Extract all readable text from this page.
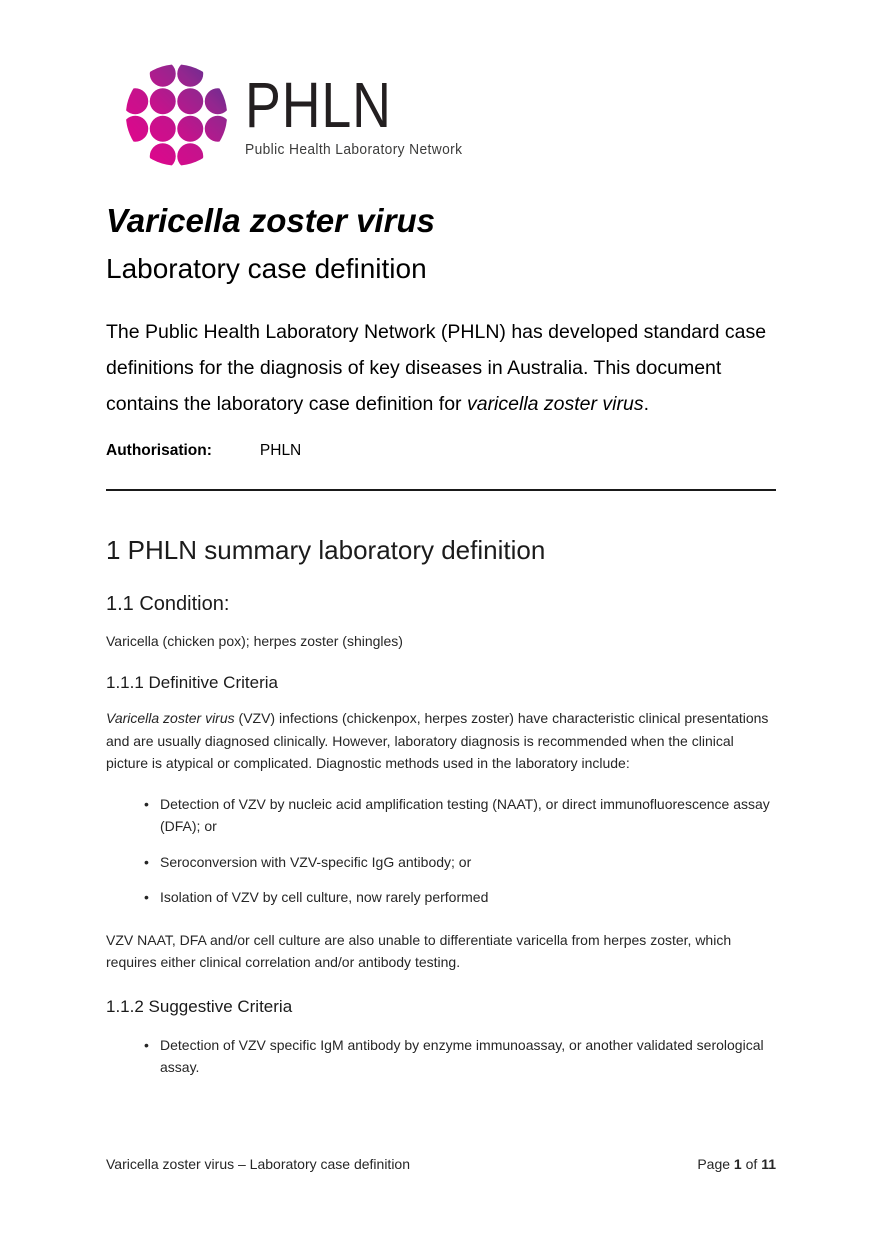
PHLN
Public Health Laboratory Network
Varicella zoster virus
Laboratory case definition

The Public Health Laboratory Network (PHLN) has developed standard case definitions for the diagnosis of key diseases in Australia. This document contains the laboratory case definition for varicella zoster virus.

Authorisation:	PHLN
1 PHLN summary laboratory definition
1.1 Condition:

Varicella (chicken pox); herpes zoster (shingles)

1.1.1 Definitive Criteria

Varicella zoster virus (VZV) infections (chickenpox, herpes zoster) have characteristic clinical presentations and are usually diagnosed clinically. However, laboratory diagnosis is recommended when the clinical picture is atypical or complicated. Diagnostic methods used in the laboratory include:

•
Detection of VZV by nucleic acid amplification testing (NAAT), or direct immunofluorescence assay (DFA); or
•
Seroconversion with VZV-specific IgG antibody; or
•
Isolation of VZV by cell culture, now rarely performed

VZV NAAT, DFA and/or cell culture are also unable to differentiate varicella from herpes zoster, which requires either clinical correlation and/or antibody testing.

1.1.2 Suggestive Criteria
•
Detection of VZV specific IgM antibody by enzyme immunoassay, or another validated serological assay.
Varicella zoster virus – Laboratory case definition	Page 1 of 11
